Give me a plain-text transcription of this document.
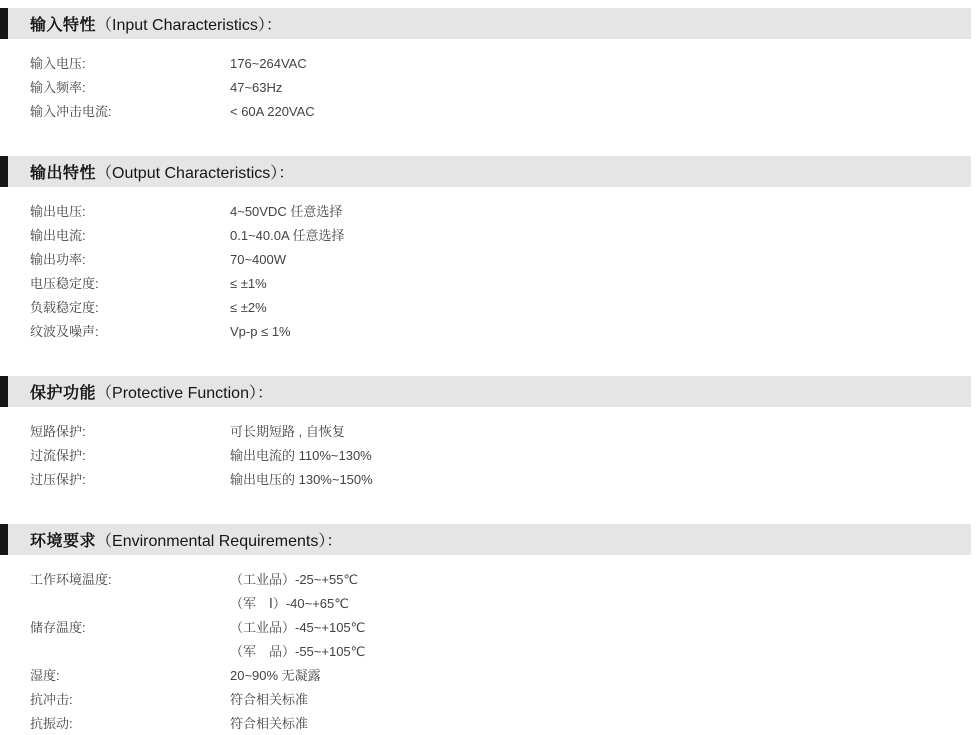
输入特性（Input Characteristics）：
输入电压:	176~264VAC
输入频率:	47~63Hz
输入冲击电流:	< 60A 220VAC
输出特性（Output Characteristics）：
输出电压:	4~50VDC 任意选择
输出电流:	0.1~40.0A 任意选择
输出功率:	70~400W
电压稳定度:	≤ ±1%
负载稳定度:	≤ ±2%
纹波及噪声:	Vp-p ≤ 1%
保护功能（Protective Function）：
短路保护:	可长期短路 , 自恢复
过流保护:	输出电流的 110%~130%
过压保护:	输出电压的 130%~150%
环境要求（Environmental Requirements）：
工作环境温度:	（工业品）-25~+55℃
（军　Ⅰ）-40~+65℃
储存温度:	（工业品）-45~+105℃
（军　品）-55~+105℃
湿度:	20~90% 无凝露
抗冲击:	符合相关标准
抗振动:	符合相关标准
